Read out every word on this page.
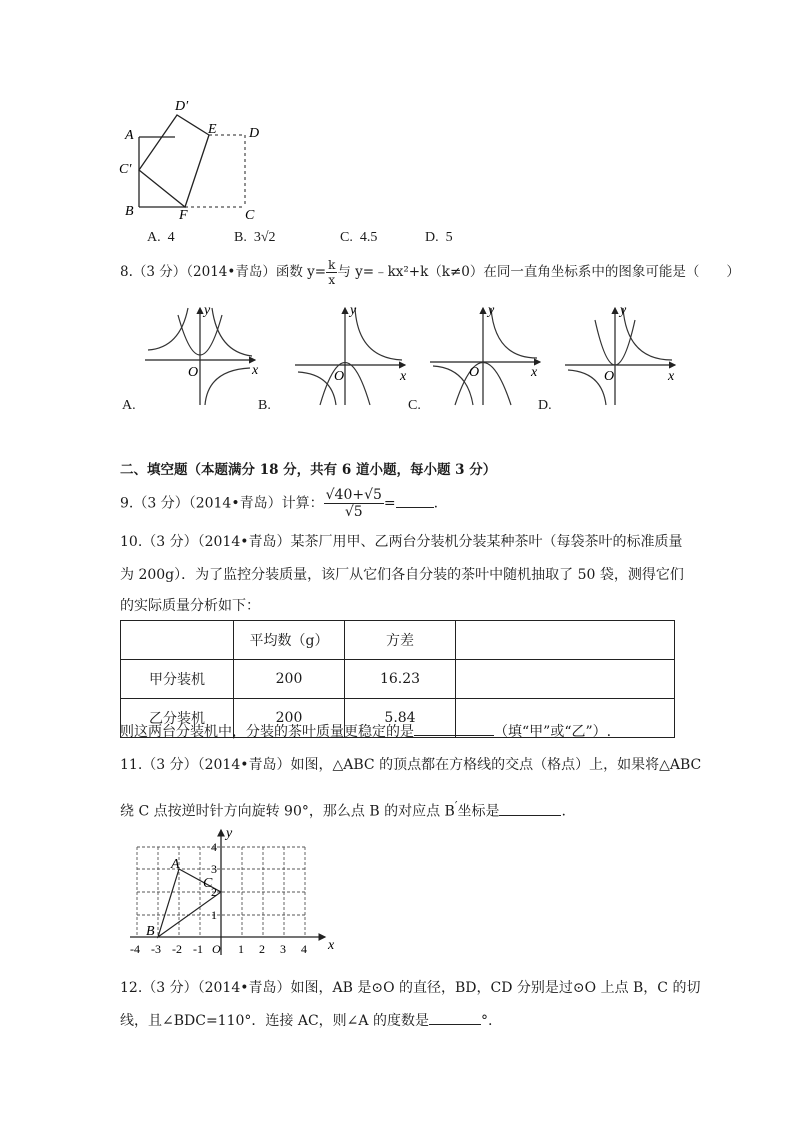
D′
A	E D
C′
B	F	C
A. 4	B. 3√2	C. 4.5	D. 5
8.（3 分）（2014•青岛）函数 $y= \frac{k}{x}$ 与 y=﹣kx²+k（k≠0）在同一直角坐标系中的图象可能是（　　）
y
x
O
y
x
O
y
x
O
y
x
O
A.	B.	C.	D.
二、填空题（本题满分 18 分，共有 6 道小题，每小题 3 分）
9.（3 分）（2014•青岛）计算： $\frac{√40+√5}{√5}$ =	.
10.（3 分）（2014•青岛）某茶厂用甲、乙两台分装机分装某种茶叶（每袋茶叶的标准质量
为 200g）．为了监控分装质量，该厂从它们各自分装的茶叶中随机抽取了 50 袋，测得它们
的实际质量分析如下：
	平均数（g）	方差	
甲分装机	200	16.23	
乙分装机	200	5.84	
则这两台分装机中，分装的茶叶质量更稳定的是	（填“甲”或“乙”）.
11.（3 分）（2014•青岛）如图，△ABC 的顶点都在方格线的交点（格点）上，如果将△ABC
绕 C 点按逆时针方向旋转 90°，那么点 B 的对应点 B′坐标是	.
A
B
C
-4 -3 -2 -1 O 1 2 3 4
1
2
3
4
x
y
12.（3 分）（2014•青岛）如图，AB 是⊙O 的直径，BD，CD 分别是过⊙O 上点 B，C 的切
线，且∠BDC=110°．连接 AC，则∠A 的度数是	°.
